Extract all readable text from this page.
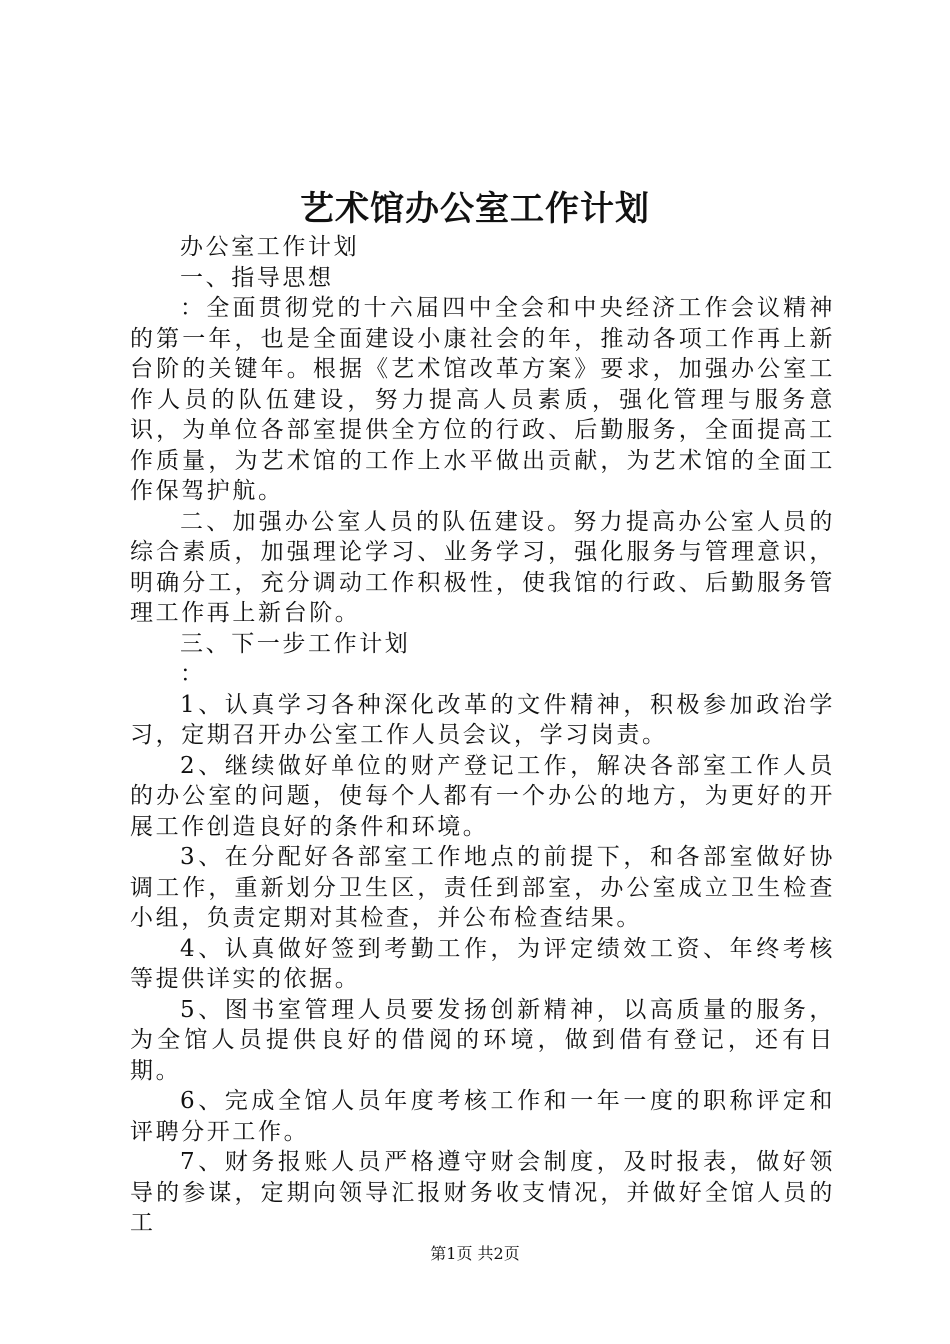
艺术馆办公室工作计划

办公室工作计划

一、指导思想

：全面贯彻党的十六届四中全会和中央经济工作会议精神的第一年，也是全面建设小康社会的年，推动各项工作再上新台阶的关键年。根据《艺术馆改革方案》要求，加强办公室工作人员的队伍建设，努力提高人员素质，强化管理与服务意识，为单位各部室提供全方位的行政、后勤服务，全面提高工作质量，为艺术馆的工作上水平做出贡献，为艺术馆的全面工作保驾护航。

二、加强办公室人员的队伍建设。努力提高办公室人员的综合素质，加强理论学习、业务学习，强化服务与管理意识，明确分工，充分调动工作积极性，使我馆的行政、后勤服务管理工作再上新台阶。

三、下一步工作计划

：

1、认真学习各种深化改革的文件精神，积极参加政治学习，定期召开办公室工作人员会议，学习岗责。

2、继续做好单位的财产登记工作，解决各部室工作人员的办公室的问题，使每个人都有一个办公的地方，为更好的开展工作创造良好的条件和环境。

3、在分配好各部室工作地点的前提下，和各部室做好协调工作，重新划分卫生区，责任到部室，办公室成立卫生检查小组，负责定期对其检查，并公布检查结果。

4、认真做好签到考勤工作，为评定绩效工资、年终考核等提供详实的依据。

5、图书室管理人员要发扬创新精神，以高质量的服务，为全馆人员提供良好的借阅的环境，做到借有登记，还有日期。

6、完成全馆人员年度考核工作和一年一度的职称评定和评聘分开工作。

7、财务报账人员严格遵守财会制度，及时报表，做好领导的参谋，定期向领导汇报财务收支情况，并做好全馆人员的工

第1页 共2页
